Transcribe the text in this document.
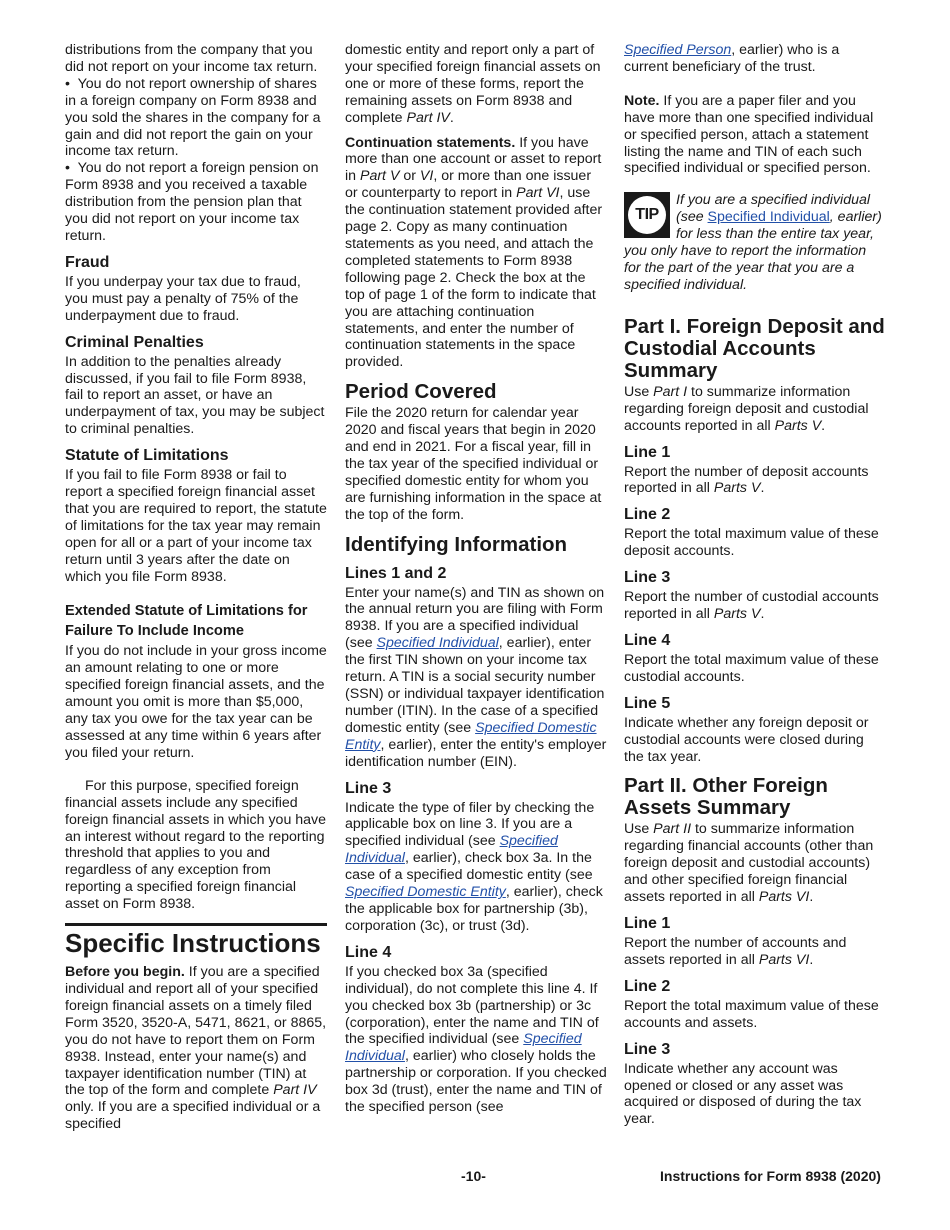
distributions from the company that you did not report on your income tax return.

•  You do not report ownership of shares in a foreign company on Form 8938 and you sold the shares in the company for a gain and did not report the gain on your income tax return.

•  You do not report a foreign pension on Form 8938 and you received a taxable distribution from the pension plan that you did not report on your income tax return.

Fraud

If you underpay your tax due to fraud, you must pay a penalty of 75% of the underpayment due to fraud.

Criminal Penalties

In addition to the penalties already discussed, if you fail to file Form 8938, fail to report an asset, or have an underpayment of tax, you may be subject to criminal penalties.

Statute of Limitations

If you fail to file Form 8938 or fail to report a specified foreign financial asset that you are required to report, the statute of limitations for the tax year may remain open for all or a part of your income tax return until 3 years after the date on which you file Form 8938.

Extended Statute of Limitations for Failure To Include Income

If you do not include in your gross income an amount relating to one or more specified foreign financial assets, and the amount you omit is more than $5,000, any tax you owe for the tax year can be assessed at any time within 6 years after you filed your return.

For this purpose, specified foreign financial assets include any specified foreign financial assets in which you have an interest without regard to the reporting threshold that applies to you and regardless of any exception from reporting a specified foreign financial asset on Form 8938.

Specific Instructions

Before you begin. If you are a specified individual and report all of your specified foreign financial assets on a timely filed Form 3520, 3520-A, 5471, 8621, or 8865, you do not have to report them on Form 8938. Instead, enter your name(s) and taxpayer identification number (TIN) at the top of the form and complete Part IV only. If you are a specified individual or a specified

domestic entity and report only a part of your specified foreign financial assets on one or more of these forms, report the remaining assets on Form 8938 and complete Part IV.

Continuation statements. If you have more than one account or asset to report in Part V or VI, or more than one issuer or counterparty to report in Part VI, use the continuation statement provided after page 2. Copy as many continuation statements as you need, and attach the completed statements to Form 8938 following page 2. Check the box at the top of page 1 of the form to indicate that you are attaching continuation statements, and enter the number of continuation statements in the space provided.

Period Covered

File the 2020 return for calendar year 2020 and fiscal years that begin in 2020 and end in 2021. For a fiscal year, fill in the tax year of the specified individual or specified domestic entity for whom you are furnishing information in the space at the top of the form.

Identifying Information
Lines 1 and 2

Enter your name(s) and TIN as shown on the annual return you are filing with Form 8938. If you are a specified individual (see Specified Individual, earlier), enter the first TIN shown on your income tax return. A TIN is a social security number (SSN) or individual taxpayer identification number (ITIN). In the case of a specified domestic entity (see Specified Domestic Entity, earlier), enter the entity's employer identification number (EIN).

Line 3

Indicate the type of filer by checking the applicable box on line 3. If you are a specified individual (see Specified Individual, earlier), check box 3a. In the case of a specified domestic entity (see Specified Domestic Entity, earlier), check the applicable box for partnership (3b), corporation (3c), or trust (3d).

Line 4

If you checked box 3a (specified individual), do not complete this line 4. If you checked box 3b (partnership) or 3c (corporation), enter the name and TIN of the specified individual (see Specified Individual, earlier) who closely holds the partnership or corporation. If you checked box 3d (trust), enter the name and TIN of the specified person (see

Specified Person, earlier) who is a current beneficiary of the trust.

Note. If you are a paper filer and you have more than one specified individual or specified person, attach a statement listing the name and TIN of each such specified individual or specified person.

TIP
If you are a specified individual (see Specified Individual, earlier) for less than the entire tax year, you only have to report the information for the part of the year that you are a specified individual.
Part I. Foreign Deposit and Custodial Accounts Summary

Use Part I to summarize information regarding foreign deposit and custodial accounts reported in all Parts V.

Line 1

Report the number of deposit accounts reported in all Parts V.

Line 2

Report the total maximum value of these deposit accounts.

Line 3

Report the number of custodial accounts reported in all Parts V.

Line 4

Report the total maximum value of these custodial accounts.

Line 5

Indicate whether any foreign deposit or custodial accounts were closed during the tax year.

Part II. Other Foreign Assets Summary

Use Part II to summarize information regarding financial accounts (other than foreign deposit and custodial accounts) and other specified foreign financial assets reported in all Parts VI.

Line 1

Report the number of accounts and assets reported in all Parts VI.

Line 2

Report the total maximum value of these accounts and assets.

Line 3

Indicate whether any account was opened or closed or any asset was acquired or disposed of during the tax year.

-10-	Instructions for Form 8938 (2020)
